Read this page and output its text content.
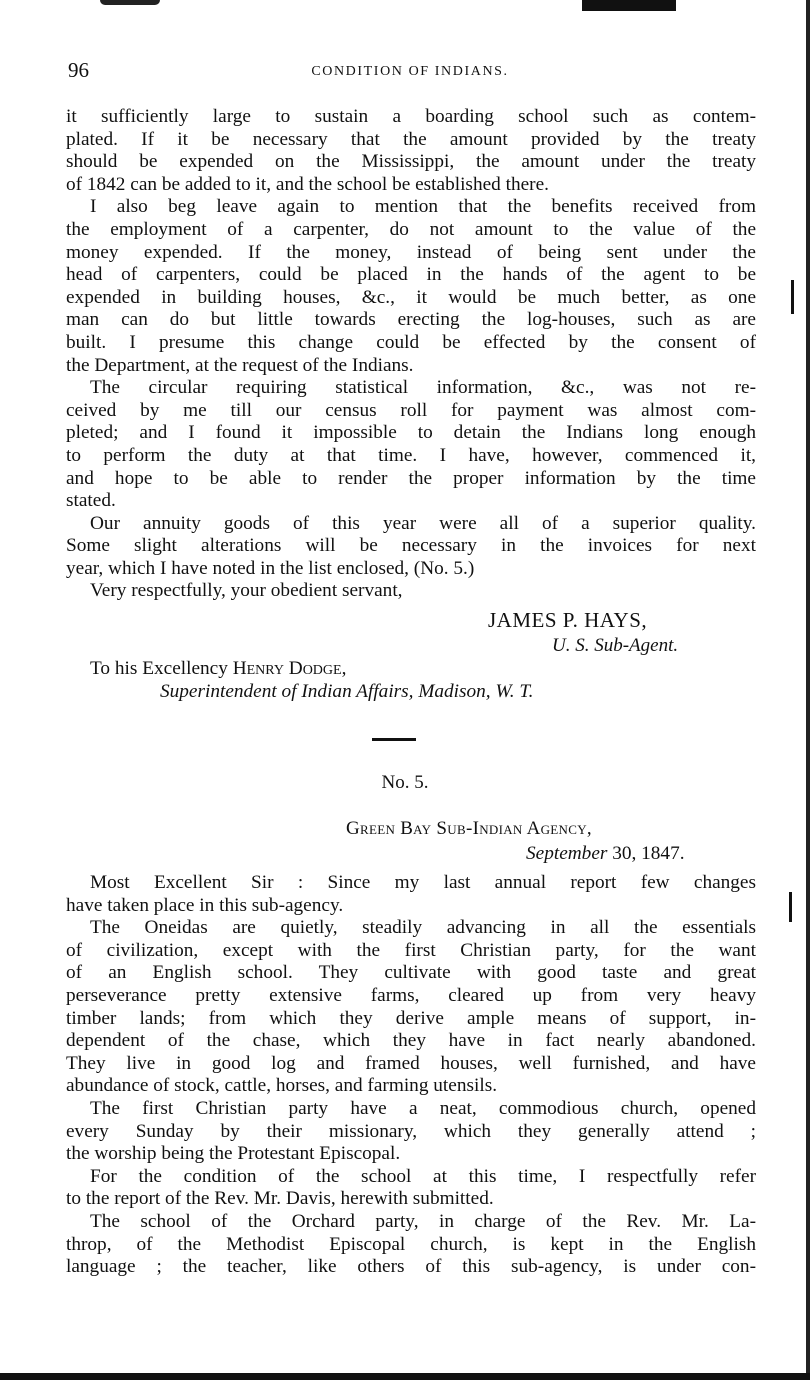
96	CONDITION OF INDIANS.
it sufficiently large to sustain a boarding school such as contem-
plated. If it be necessary that the amount provided by the treaty
should be expended on the Mississippi, the amount under the treaty
of 1842 can be added to it, and the school be established there.
I also beg leave again to mention that the benefits received from
the employment of a carpenter, do not amount to the value of the
money expended. If the money, instead of being sent under the
head of carpenters, could be placed in the hands of the agent to be
expended in building houses, &c., it would be much better, as one
man can do but little towards erecting the log-houses, such as are
built. I presume this change could be effected by the consent of
the Department, at the request of the Indians.
The circular requiring statistical information, &c., was not re-
ceived by me till our census roll for payment was almost com-
pleted; and I found it impossible to detain the Indians long enough
to perform the duty at that time. I have, however, commenced it,
and hope to be able to render the proper information by the time
stated.
Our annuity goods of this year were all of a superior quality.
Some slight alterations will be necessary in the invoices for next
year, which I have noted in the list enclosed, (No. 5.)
Very respectfully, your obedient servant,
JAMES P. HAYS,
U. S. Sub-Agent.
To his Excellency Henry Dodge,
Superintendent of Indian Affairs, Madison, W. T.
No. 5.
Green Bay Sub-Indian Agency,
September 30, 1847.
Most Excellent Sir : Since my last annual report few changes
have taken place in this sub-agency.
The Oneidas are quietly, steadily advancing in all the essentials
of civilization, except with the first Christian party, for the want
of an English school. They cultivate with good taste and great
perseverance pretty extensive farms, cleared up from very heavy
timber lands; from which they derive ample means of support, in-
dependent of the chase, which they have in fact nearly abandoned.
They live in good log and framed houses, well furnished, and have
abundance of stock, cattle, horses, and farming utensils.
The first Christian party have a neat, commodious church, opened
every Sunday by their missionary, which they generally attend ;
the worship being the Protestant Episcopal.
For the condition of the school at this time, I respectfully refer
to the report of the Rev. Mr. Davis, herewith submitted.
The school of the Orchard party, in charge of the Rev. Mr. La-
throp, of the Methodist Episcopal church, is kept in the English
language ; the teacher, like others of this sub-agency, is under con-
